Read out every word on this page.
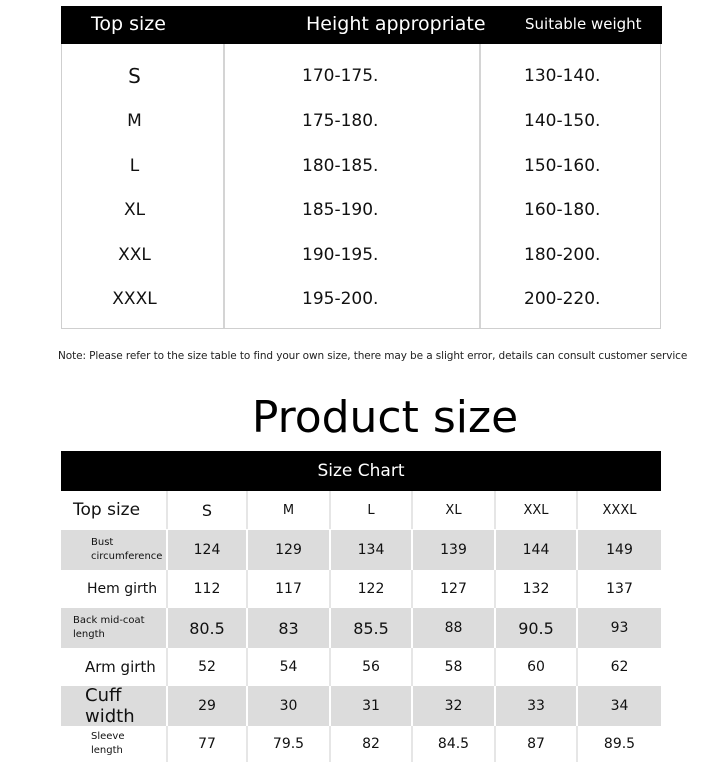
Top size	Height appropriate	Suitable weight
S	170-175.	130-140.
M	175-180.	140-150.
L	180-185.	150-160.
XL	185-190.	160-180.
XXL	190-195.	180-200.
XXXL	195-200.	200-220.
Note: Please refer to the size table to find your own size, there may be a slight error, details can consult customer service
Product size
Size Chart
Top size	S	M	L	XL	XXL	XXXL
Bust circumference 124	129	134	139	144	149
Hem girth	112	117	122	127	132	137
Back mid-coat length	80.5	83	85.5	88	90.5	93
Arm girth	52	54	56	58	60	62
Cuff width	29	30	31	32	33	34
Sleeve length	77	79.5	82	84.5	87	89.5
